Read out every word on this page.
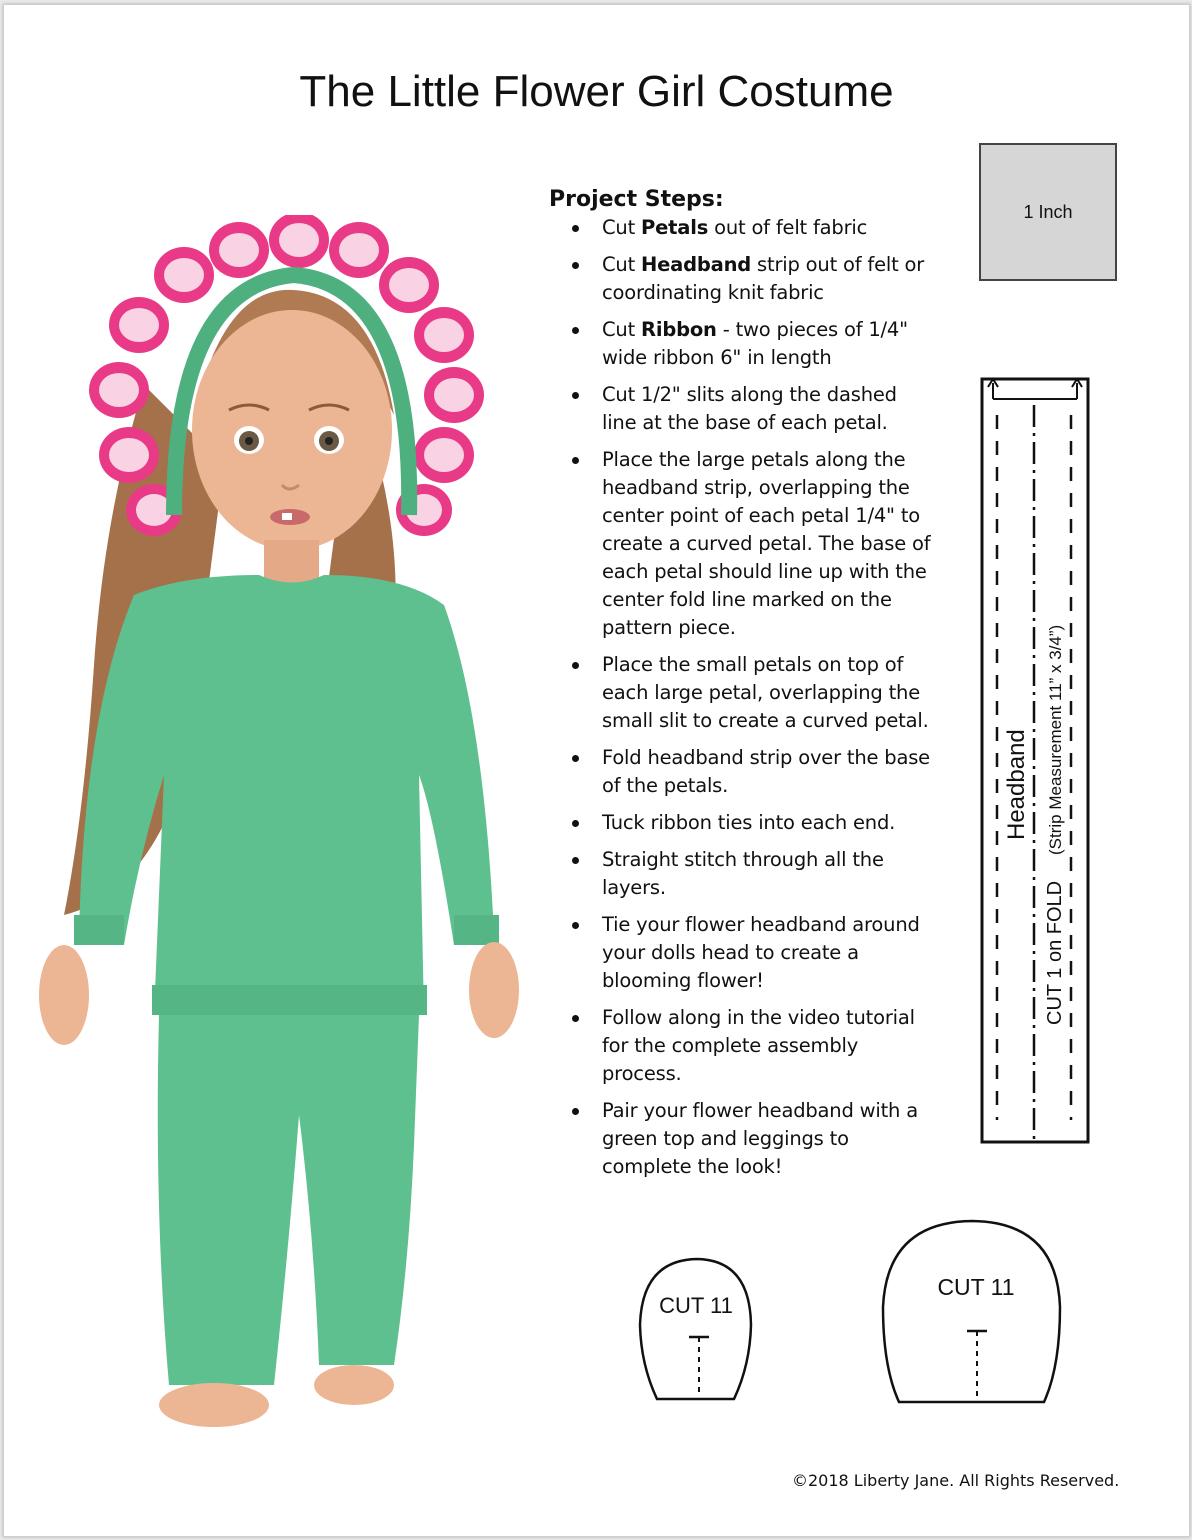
The Little Flower Girl Costume
Project Steps:
Cut Petals out of felt fabric
Cut Headband strip out of felt or coordinating knit fabric
Cut Ribbon - two pieces of 1/4" wide ribbon 6" in length
Cut 1/2" slits along the dashed line at the base of each petal.
Place the large petals along the headband strip, overlapping the center point of each petal 1/4" to create a curved petal. The base of each petal should line up with the center fold line marked on the pattern piece.
Place the small petals on top of each large petal, overlapping the small slit to create a curved petal.
Fold headband strip over the base of the petals.
Tuck ribbon ties into each end.
Straight stitch through all the layers.
Tie your flower headband around your dolls head to create a blooming flower!
Follow along in the video tutorial for the complete assembly process.
Pair your flower headband with a green top and leggings to complete the look!
1 Inch
Headband
CUT 1 on FOLD
(Strip Measurement 11” x 3/4”)
CUT 11
CUT 11
©2018 Liberty Jane. All Rights Reserved.
